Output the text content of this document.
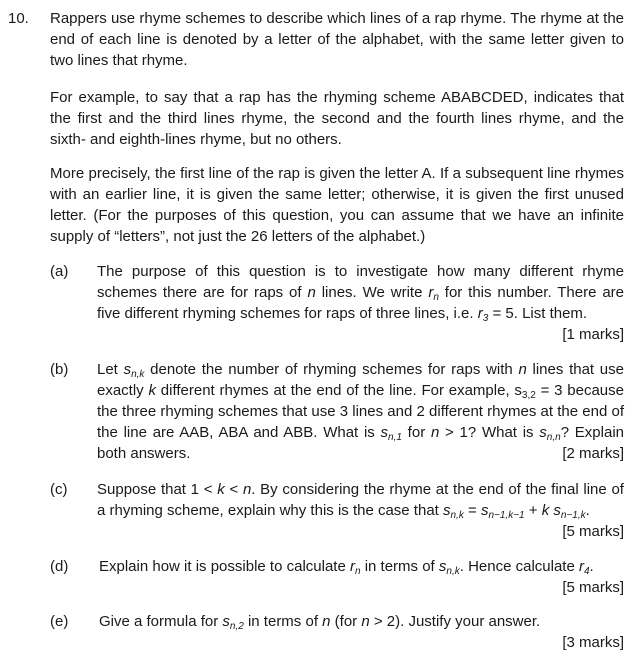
10. Rappers use rhyme schemes to describe which lines of a rap rhyme. The rhyme at the end of each line is denoted by a letter of the alphabet, with the same letter given to two lines that rhyme.

For example, to say that a rap has the rhyming scheme ABABCDED, indicates that the first and the third lines rhyme, the second and the fourth lines rhyme, and the sixth- and eighth-lines rhyme, but no others.

More precisely, the first line of the rap is given the letter A. If a subsequent line rhymes with an earlier line, it is given the same letter; otherwise, it is given the first unused letter. (For the purposes of this question, you can assume that we have an infinite supply of “letters”, not just the 26 letters of the alphabet.)

(a) The purpose of this question is to investigate how many different rhyme schemes there are for raps of n lines. We write $r_n$ for this number. There are five different rhyming schemes for raps of three lines, i.e. $r_3 = 5$. List them.
[1 marks]
(b) Let $s_{n,k}$ denote the number of rhyming schemes for raps with n lines that use exactly k different rhymes at the end of the line. For example, $s_{3,2} = 3$ because the three rhyming schemes that use 3 lines and 2 different rhymes at the end of the line are AAB, ABA and ABB. What is $s_{n,1}$ for n > 1? What is $s_{n,n}$? Explain both answers.	[2 marks]
(c) Suppose that 1 < k < n. By considering the rhyme at the end of the final line of a rhyming scheme, explain why this is the case that $s_{n,k} = s_{n-1,k-1} + k$ $s_{n-1,k}$.
[5 marks]
(d) Explain how it is possible to calculate $r_n$ in terms of $s_{n,k}$. Hence calculate $r_4$.
[5 marks]
(e) Give a formula for $s_{n,2}$ in terms of n (for n > 2). Justify your answer.
[3 marks]
